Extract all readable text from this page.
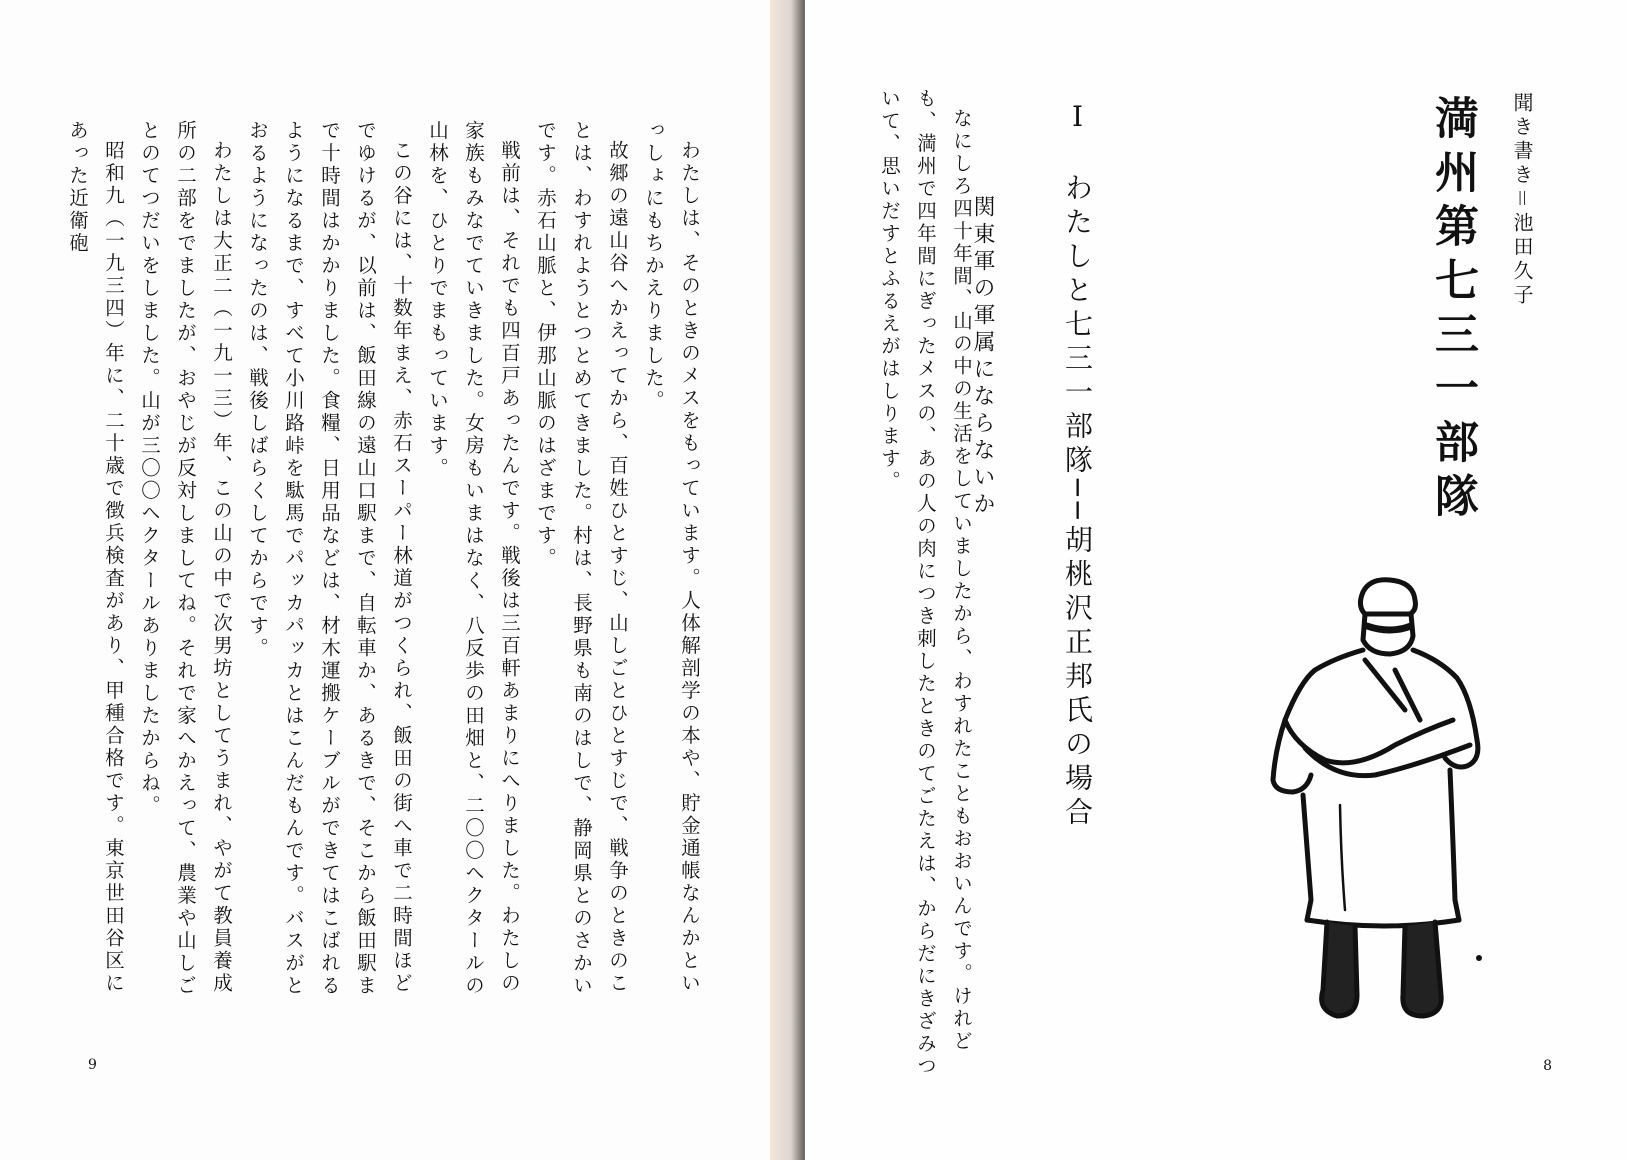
わたしは、そのときのメスをもっています。人体解剖学の本や、貯金通帳なんかといっしょにもちかえりました。

故郷の遠山谷へかえってから、百姓ひとすじ、山しごとひとすじで、戦争のときのことは、わすれようとつとめてきました。村は、長野県も南のはしで、静岡県とのさかいです。赤石山脈と、伊那山脈のはざまです。

戦前は、それでも四百戸あったんです。戦後は三百軒あまりにへりました。わたしの家族もみなでていきました。女房もいまはなく、八反歩の田畑と、二〇〇ヘクタールの山林を、ひとりでまもっています。

この谷には、十数年まえ、赤石スーパー林道がつくられ、飯田の街へ車で二時間ほどでゆけるが、以前は、飯田線の遠山口駅まで、自転車か、あるきで、そこから飯田駅まで十時間はかかりました。食糧、日用品などは、材木運搬ケーブルができてはこばれるようになるまで、すべて小川路峠を駄馬でパッカパッカとはこんだもんです。バスがとおるようになったのは、戦後しばらくしてからです。

わたしは大正二（一九一三）年、この山の中で次男坊としてうまれ、やがて教員養成所の二部をでましたが、おやじが反対しましてね。それで家へかえって、農業や山しごとのてつだいをしました。山が三〇〇ヘクタールありましたからね。

昭和九（一九三四）年に、二十歳で徴兵検査があり、甲種合格です。東京世田谷区にあった近衛砲

9
聞き書き＝池田久子
満州第七三一部隊
Ⅰ　わたしと七三一部隊──胡桃沢正邦氏の場合
関東軍の軍属にならないか

なにしろ四十年間、山の中の生活をしていましたから、わすれたこともおおいんです。けれども、満州で四年間にぎったメスの、あの人の肉につき刺したときのてごたえは、からだにきざみついて、思いだすとふるえがはしります。

8
